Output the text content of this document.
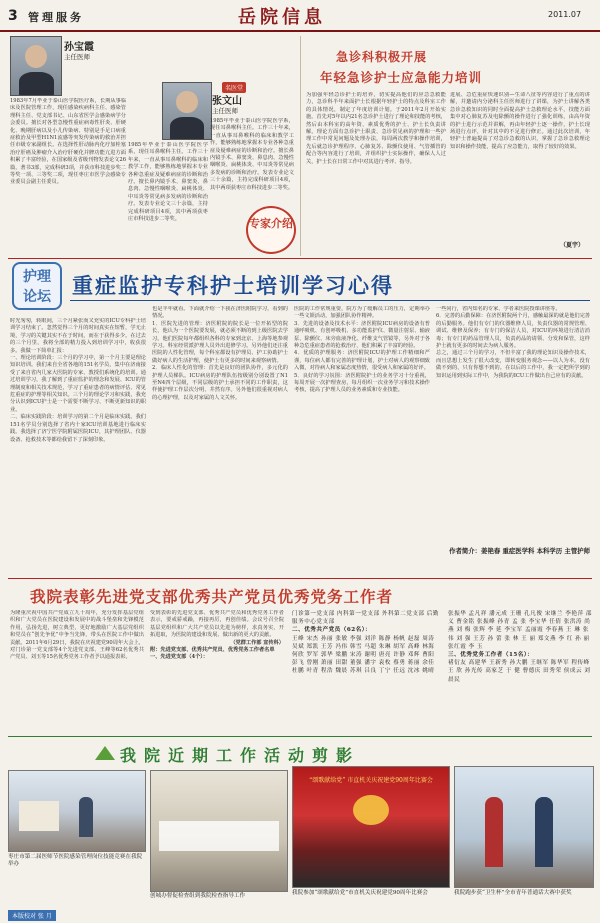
3 管理服务	岳院信息	2011.07
孙宝霞
主任医师
1983年7月毕业于泰山医学院医疗系，长期从事临床及医院管理工作，现任感染疾病科主任、感染管理科主任、党支部书记、山东省医学会感染病学分会委员。擅长对各型急慢性重症病毒性肝炎、肝硬化、晚期肝病以及小儿传染病、特别是手足口病重症救治及甲型H1N1流感等突发传染病的救治并担任市级专家副组长。在选择性肝动脉内化疗加栓塞治疗肝癌及肿瘤介入治疗肝硬化并脾功能亢进方面积累了丰富经验，在国家级及省级刊物发表论文26篇，著书3部，完成科研3项，并获市科技进步奖二等奖一项、三等奖二项，现任枣庄市医学会感染专业委员会副主任委员。
名医堂
张文山
主任医师
1985年毕业于泰山医学院医学系，现任耳鼻喉科主任。工作三十年来，一直从事耳鼻喉科的临床和教学工作，能够熟练地掌握本专业各种急重症及疑难病症的诊断和治疗。擅长鼻内镜手术、鼻窦炎、鼻息肉、急慢性咽喉炎、扁桃体炎、中耳炎等常见病多发病的诊断和治疗。发表专业论文三十余篇，主持完成科研项目4项，其中两项获枣庄市科技进步二等奖。
1985年毕业于泰山医学院医学系，现任耳鼻喉科主任。工作三十年来，一直从事耳鼻喉科的临床和教学工作，能够熟练地掌握本专业各种急重症及疑难病症的诊断和治疗。擅长鼻内镜手术、鼻窦炎、鼻息肉、急慢性咽喉炎、扁桃体炎、中耳炎等常见病多发病的诊断和治疗。发表专业论文三十余篇，主持完成科研项目4项，其中两项获枣庄市科技进步二等奖。	专家介绍
急诊科积极开展
年轻急诊护士应急能力培训
为加强年轻急诊护士的培养，切实提高他们的应急急救能力，急诊科半年来面护士长根据年轻护士的特点及科室工作的具体情况，制定了年度培训计划。于2011年2月开始实施。首先对5年以内21名急诊护士进行了理论和技能的考核，然后由本科室的高年资、素质优秀的护士、护士长负责讲解。理论方面有急诊护士职责、急诊常见病的护理和一些护理工作中常见问题及处理办法，每周两次教学和操作培训，先后就急诊护理程序、心肺复苏、除颤仪使用、气管插管的配合等内容进行了培训，并组织护士实际操作，确保人人过关，护士长在日常工作中对其进行考评、指导。
进展、急危重症快速识别—生命八征等内容进行了重点的讲解，并邀请内分泌科主任医师进行了讲课，为护士讲解各类急诊急救知识的同时全面提高护士急救理论水平，技能方面集中对心肺复苏及电除颤的操作进行了强化训练，由高年资的护士进行示范并讲解，再由年轻护士逐一操作，护士长现场进行点评，针对其中的不足进行修正。通过此次培训，年轻护士普遍提高了对急诊急救的认识，掌握了急诊急救理论知识和操作技能，提高了应急能力，取得了较好的效果。
（夏宇）
护理
论坛	重症监护专科护士培训学习心得
时光匆匆，转眼间，三个月紧张而又充实的ICU专科护士培训学习结束了。忽然觉得三个月的时间真实在短暂，学无止境，学习的关键其实不在于时间，而在于获得多少。在过去的三个月里，我将全部的精力投入到培训学习中，收获很多。我做一下简单汇报：
一、理论培训阶段：三个月的学习中，第一个月主要是理论知识培训。我们来自全省各地的151名学员，集中在济南接受了来自省内几家大医院的专家、教授们系统化的培训。通过培训学习，我了解到了重症监护的理念和发展、ICU的管理制度和相关技术规范，学习了重症患者的病情评估、常见危重症的护理等相关知识。三个月的理论学习和实践，我充分认识到ICU护士是一个需要不断学习、不断更新知识的职业。
二、临床实践阶段：培训学习的第二个月是临床实践。我们151名学员分别选择了省内十家ICU培训基地进行临床实践。我选择了济宁医学院附属医院ICU，其护理团队、仪器设备、抢救技术等都给我留下了深刻印象。
也是半年就看。下面就介绍一下我在济医附院学习，看到的情况。
1．医院先进的管理：济医附院的院长是一位开拓型的院长，他认为一个医院要发展，就必须不断的到上级医院去学习。他们医院每年都组织各科的专家到北京、上海等地参观学习。科室经常派护理人员外出进修学习。另外他们还注重医院的人性化管理，每个科室都设有护理员、护工协助护士做好病人的生活护理，使护士有更多的时间来观察病情。
2．临床人性化的管理：首先是良好的团队协作，多元化的护理人员梯队。ICU病房的护理队伍按级别分别设置了N1至N4四个层级，不同层级的护士承担不同的工作职责，这样使护理工作层次分明、井然有序。另外他们很重视对病人的心理护理，以及对家属的人文关怀。
医院的工作常规重要，院方为了缓解员工的压力，定期举办一些文娱活动，加强团队协作精神。
3．先进的设备及技术水平：济医附院ICU病房的设备有普通呼吸机、有创呼吸机、多功能监护仪、微量注射泵、输液泵、除颤仪、床旁血液净化、纤维支气管镜等，另外对于各种急危重症患者的抢救治疗，他们积累了丰富的经验。
4．优质的护理服务：济医附院ICU的护理工作精细和严谨，每位病人都有完善的护理计划，护士对病人的观察细致入微，对待病人和家属态度热情，很受病人和家属的好评。
5．良好的学习氛围：济医附院护士的业务学习十分重视，每周开展一次护理查房，每月组织一次业务学习和技术操作考核，提高了护理人员的业务素质和专业技能。
一些同行，省内知名的专家、学者来医院授课讲座等。
6．完善的后勤保障：在济医附院两个月，感触最深的就是他们完善的后勤服务。他们有专门的仪器维修人员，负责仪器的常规管理、调试、维修及保养；有专门的保洁人员，对ICU的环境进行清洁消毒；有专门的药品管理人员，负责药品的请领、分发和保管，这样护士就有更多的时间去为病人服务。
总之，通过三个月的学习，不但丰富了我的理论知识及操作技术，而且思想上发生了很大改变，即转变服务观念——以人为本。没有做不到的，只有你想不到的。在以后的工作中，我一定把所学到的知识运用到实际工作中，为我院的ICU工作做出自己应有的贡献。
作者简介：姜艳春 重症医学科 本科学历 主管护师
我院表彰先进党支部优秀共产党员优秀党务工作者
为隆重庆祝中国共产党成立九十周年，充分发挥基层党组织和广大党员在医院建设和发展中的战斗堡垒和先锋模范作用，弘扬先进，树立典型，更好地激励广大基层党组织和党员在“创先争优”中争当先锋，带头在医院工作中做出贡献。2011年6月29日，我院在庆祝建党90周年大会上，对门诊第一党支部等4个先进党支部、王峰等62名优秀共产党员、刘玉等15名优秀党务工作者予以通报表彰。
受到表彰的先进党支部、优秀共产党员和优秀党务工作者表示，要戒骄戒躁，再接再厉，再创佳绩。会议号召全院基层党组织和广大共产党员以先进为榜样，求真务实，开拓进取，为医院的建设和发展、做出新的更大的贡献。
（党群工作部 宣传科）
附：先进党支部、优秀共产党员、优秀党务工作者名单
一、先进党支部（4个）：
门诊第一党支部 内科第一党支部 外科第二党支部 后勤服务中心党支部
二、优秀共产党员（62名）：
王峰 宋杰 孙丽 张敏 李强 刘洋 陈静 杨帆 赵磊 周涛 吴斌 郑凯 王芳 冯伟 韩雪 马超 朱琳 胡军 高峰 林海 何欣 罗军 郭华 梁鹏 宋涛 谢明 唐亮 许静 邓辉 曹阳 彭飞 曾刚 萧丽 田甜 董强 潘宇 袁枚 蔡勇 蒋丽 余佳 杜鹏 叶青 程浩 魏晨 苏琪 吕良 丁宁 任远 沈冰 姚晴
张振华 孟凡祥 潘元成 王珊 孔凡俊 宋继兰 李艳萍 邵义 曹金铭 张振峰 孙青 孟 张 李宝华 任倩 张洪涛 尚燕 刘 梅 张辉 李 延 李宝军 孟丽霞 李春燕 王 琳 张 伟 刘 强 王芳 孙 蕾 张 林 王 丽 郑文燕 李 红 孙 丽 张红霞 李 玉
三、优秀党务工作者（15名）：
褚衍友 高建华 王新秀 孙大鹏 王继军 陈华军 程传峰 王 欣 孙光传 高家芝 于 健 曹德庆 田秀荣 侯成云 刘晨民
我院近期工作活动剪影
“颂歌献给党” 市直机关庆祝建党90周年比赛会
枣庄市第二届医师节医院感染管理岗位技能竞赛在我院举办
创城办督促检查组到我院检查指导工作	我院参加“颂歌献给党”市直机关庆祝建党90周年比赛会	我院跑步获“卫生杯”全市青年普通话大赛中获奖
本版校对 张 月
